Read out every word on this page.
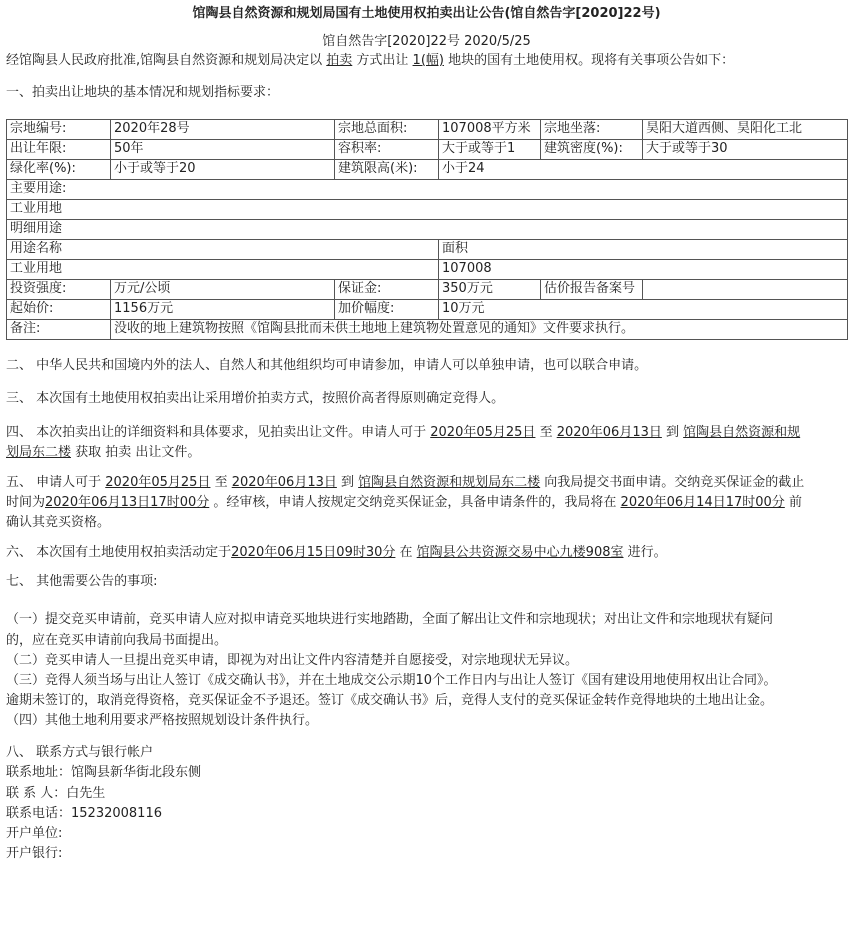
馆陶县自然资源和规划局国有土地使用权拍卖出让公告(馆自然告字[2020]22号)
馆自然告字[2020]22号 2020/5/25
经馆陶县人民政府批准,馆陶县自然资源和规划局决定以 拍卖 方式出让 1(幅) 地块的国有土地使用权。现将有关事项公告如下：
一、拍卖出让地块的基本情况和规划指标要求：
宗地编号:	2020年28号	宗地总面积:	107008平方米	宗地坐落:	昊阳大道西侧、昊阳化工北
出让年限:	50年	容积率:	大于或等于1	建筑密度(%):	大于或等于30
绿化率(%):	小于或等于20	建筑限高(米):	小于24		
主要用途:					
工业用地					
明细用途					
用途名称			面积		
工业用地			107008		
投资强度:	万元/公顷	保证金:	350万元	估价报告备案号	
起始价:	1156万元	加价幅度:	10万元		
备注:	没收的地上建筑物按照《馆陶县批而未供土地地上建筑物处置意见的通知》文件要求执行。				
二、 中华人民共和国境内外的法人、自然人和其他组织均可申请参加，申请人可以单独申请，也可以联合申请。
三、 本次国有土地使用权拍卖出让采用增价拍卖方式，按照价高者得原则确定竞得人。
四、 本次拍卖出让的详细资料和具体要求，见拍卖出让文件。申请人可于 2020年05月25日 至 2020年06月13日 到 馆陶县自然资源和规
划局东二楼 获取 拍卖 出让文件。
五、 申请人可于 2020年05月25日 至 2020年06月13日 到 馆陶县自然资源和规划局东二楼 向我局提交书面申请。交纳竞买保证金的截止
时间为2020年06月13日17时00分 。经审核，申请人按规定交纳竞买保证金，具备申请条件的，我局将在 2020年06月14日17时00分 前
确认其竞买资格。
六、 本次国有土地使用权拍卖活动定于2020年06月15日09时30分 在 馆陶县公共资源交易中心九楼908室 进行。
七、 其他需要公告的事项:
（一）提交竞买申请前，竞买申请人应对拟申请竞买地块进行实地踏勘，全面了解出让文件和宗地现状；对出让文件和宗地现状有疑问
的，应在竞买申请前向我局书面提出。
（二）竞买申请人一旦提出竞买申请，即视为对出让文件内容清楚并自愿接受，对宗地现状无异议。
（三）竞得人须当场与出让人签订《成交确认书》，并在土地成交公示期10个工作日内与出让人签订《国有建设用地使用权出让合同》。
逾期未签订的，取消竞得资格，竞买保证金不予退还。签订《成交确认书》后，竞得人支付的竞买保证金转作竞得地块的土地出让金。
（四）其他土地利用要求严格按照规划设计条件执行。
八、 联系方式与银行帐户
联系地址：馆陶县新华街北段东侧
联 系 人：白先生
联系电话：15232008116
开户单位:
开户银行:
